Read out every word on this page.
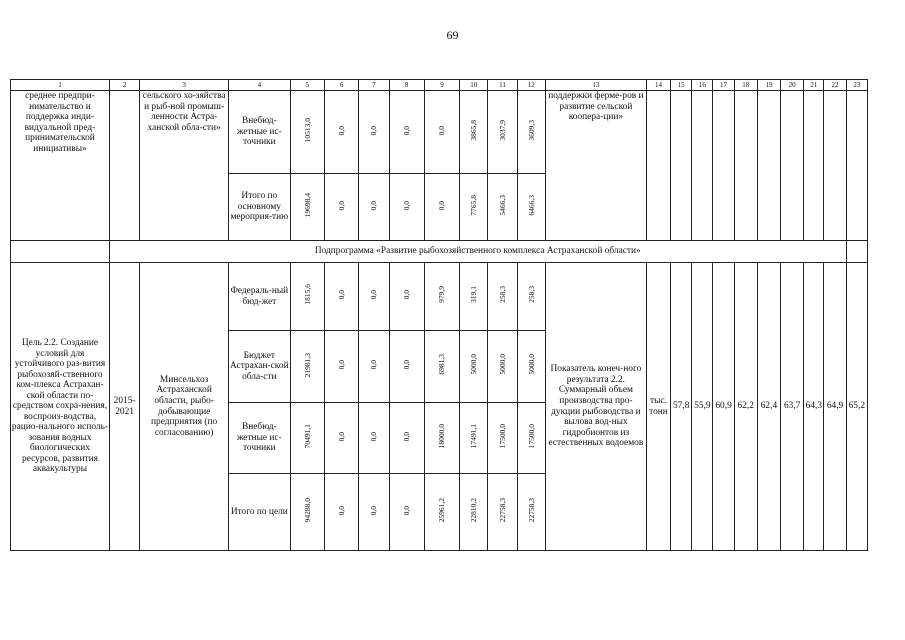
69
1	2	3	4	5	6	7	8	9	10	11	12	13	14	15	16	17	18	19	20	21	22	23
среднее предпри-нимательство и поддержка инди-видуальной пред-принимательской инициативы»		сельского хо-зяйства и рыб-ной промыш-ленности Астра-ханской обла-сти»	Внебюд-жетные ис-точники	10513,0	0,0	0,0	0,0	0,0	3865,8	3037,9	3609,3	поддержки ферме-ров и развитие сельской коопера-ции»										
			Итого по основному мероприя-тию	19698,4	0,0	0,0	0,0	0,0	7765,8	5466,3	6466,3											
	Подпрограмма «Развитие рыбохозяйственного комплекса Астраханской области»																					
Цель 2.2. Создание условий для устойчивого раз-вития рыбохозяй-ственного ком-плекса Астрахан-ской области по-средством сохра-нения, воспроиз-водства, рацио-нального исполь-зования водных биологических ресурсов, развития аквакультуры	2015-2021	Минсельхоз Астраханской области, рыбо-добывающие предприятия (по согласованию)	Федераль-ный бюд-жет	1815,6	0,0	0,0	0,0	979,9	319,1	258,3	258,3	Показатель конеч-ного результата 2.2. Суммарный объем производства про-дукции рыбоводства и вылова вод-ных гидробионтов из естественных водоемов	тыс. тонн	57,8	55,9	60,9	62,2	62,4	63,7	64,3	64,9	65,2
			Бюджет Астрахан-ской обла-сти	21981,3	0,0	0,0	0,0	6981,3	5000,0	5000,0	5000,0											
			Внебюд-жетные ис-точники	70491,1	0,0	0,0	0,0	18000,0	17491,1	17500,0	17500,0											
			Итого по цели	94288,0	0,0	0,0	0,0	25961,2	22810,2	22758,3	22758,3											
